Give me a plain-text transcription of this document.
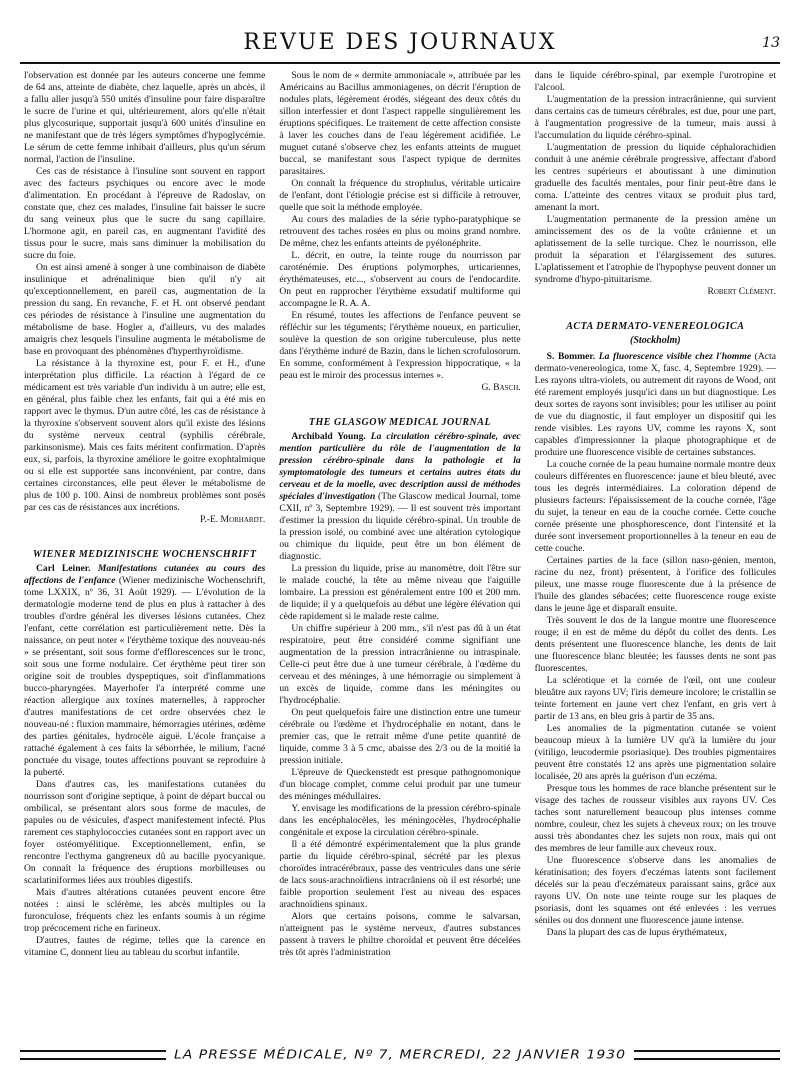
REVUE DES JOURNAUX	13

l'observation est donnée par les auteurs concerne une femme de 64 ans, atteinte de diabète, chez laquelle, après un abcès, il a fallu aller jusqu'à 550 unités d'insuline pour faire disparaître le sucre de l'urine et qui, ultérieurement, alors qu'elle n'était plus glycosurique, supportait jusqu'à 600 unités d'insuline en ne manifestant que de très légers symptômes d'hypoglycémie. Le sérum de cette femme inhibait d'ailleurs, plus qu'un sérum normal, l'action de l'insuline.

Ces cas de résistance à l'insuline sont souvent en rapport avec des facteurs psychiques ou encore avec le mode d'alimentation. En procédant à l'épreuve de Radoslav, on constate que, chez ces malades, l'insuline fait baisser le sucre du sang veineux plus que le sucre du sang capillaire. L'hormone agit, en pareil cas, en augmentant l'avidité des tissus pour le sucre, mais sans diminuer la mobilisation du sucre du foie.

On est ainsi amené à songer à une combinaison de diabète insulinique et adrénalinique bien qu'il n'y ait qu'exceptionnellement, en pareil cas, augmentation de la pression du sang. En revanche, F. et H. ont observé pendant ces périodes de résistance à l'insuline une augmentation du métabolisme de base. Hogler a, d'ailleurs, vu des malades amaigris chez lesquels l'insuline augmenta le métabolisme de base en provoquant des phénomènes d'hyperthyroïdisme.

La résistance à la thyroxine est, pour F. et H., d'une interprétation plus difficile. La réaction à l'égard de ce médicament est très variable d'un individu à un autre; elle est, en général, plus faible chez les enfants, fait qui a été mis en rapport avec le thymus. D'un autre côté, les cas de résistance à la thyroxine s'observent souvent alors qu'il existe des lésions du système nerveux central (syphilis cérébrale, parkinsonisme). Mais ces faits méritent confirmation. D'après eux, si, parfois, la thyroxine améliore le goitre exophtalmique ou si elle est supportée sans inconvénient, par contre, dans certaines circonstances, elle peut élever le métabolisme de plus de 100 p. 100. Ainsi de nombreux problèmes sont posés par ces cas de résistances aux incrétions.

P.-E. Morhardt.

WIENER MEDIZINISCHE WOCHENSCHRIFT

Carl Leiner. Manifestations cutanées au cours des affections de l'enfance (Wiener medizinische Wochenschrift, tome LXXIX, nº 36, 31 Août 1929). — L'évolution de la dermatologie moderne tend de plus en plus à rattacher à des troubles d'ordre général les diverses lésions cutanées. Chez l'enfant, cette corrélation est particulièrement nette. Dès la naissance, on peut noter « l'érythème toxique des nouveau-nés » se présentant, soit sous forme d'efflorescences sur le tronc, soit sous une forme nodulaire. Cet érythème peut tirer son origine soit de troubles dyspeptiques, soit d'inflammations bucco-pharyngées. Mayerhofer l'a interprété comme une réaction allergique aux toxines maternelles, à rapprocher d'autres manifestations de cet ordre observées chez le nouveau-né : fluxion mammaire, hémorragies utérines, œdème des parties génitales, hydrocèle aiguë. L'école française a rattaché également à ces faits la séborrhée, le milium, l'acné ponctuée du visage, toutes affections pouvant se reproduire à la puberté.

Dans d'autres cas, les manifestations cutanées du nourrisson sont d'origine septique, à point de départ buccal ou ombilical, se présentant alors sous forme de macules, de papules ou de vésicules, d'aspect manifestement infecté. Plus rarement ces staphylococcies cutanées sont en rapport avec un foyer ostéomyélitique. Exceptionnellement, enfin, se rencontre l'ecthyma gangreneux dû au bacille pyocyanique. On connaît la fréquence des éruptions morbilleuses ou scarlatiniformes liées aux troubles digestifs.

Mais d'autres altérations cutanées peuvent encore être notées : ainsi le sclérème, les abcès multiples ou la furonculose, fréquents chez les enfants soumis à un régime trop précocement riche en farineux.

D'autres, fautes de régime, telles que la carence en vitamine C, donnent lieu au tableau du scorbut infantile.

Sous le nom de « dermite ammoniacale », attribuée par les Américains au Bacillus ammoniagenes, on décrit l'éruption de nodules plats, légèrement érodés, siégeant des deux côtés du sillon interfessier et dont l'aspect rappelle singulièrement les éruptions spécifiques. Le traitement de cette affection consiste à laver les couches dans de l'eau légèrement acidifiée. Le muguet cutané s'observe chez les enfants atteints de muguet buccal, se manifestant sous l'aspect typique de dermites parasitaires.

On connaît la fréquence du strophulus, véritable urticaire de l'enfant, dont l'étiologie précise est si difficile à retrouver, quelle que soit la méthode employée.

Au cours des maladies de la série typho-paratyphique se retrouvent des taches rosées en plus ou moins grand nombre. De même, chez les enfants atteints de pyélonéphrite.

L. décrit, en outre, la teinte rouge du nourrisson par caroténémie. Des éruptions polymorphes, urticariennes, érythémateuses, etc..., s'observent au cours de l'endocardite. On peut en rapprocher l'érythème exsudatif multiforme qui accompagne le R. A. A.

En résumé, toutes les affections de l'enfance peuvent se réfléchir sur les téguments; l'érythème noueux, en particulier, soulève la question de son origine tuberculeuse, plus nette dans l'érythème induré de Bazin, dans le lichen scrofulosorum. En somme, conformément à l'expression hippocratique, « la peau est le miroir des processus internes ».

G. Basch.

THE GLASGOW MEDICAL JOURNAL

Archibald Young. La circulation cérébro-spinale, avec mention particulière du rôle de l'augmentation de la pression cérébro-spinale dans la pathologie et la symptomatologie des tumeurs et certains autres états du cerveau et de la moelle, avec description aussi de méthodes spéciales d'investigation (The Glascow medical Journal, tome CXII, nº 3, Septembre 1929). — Il est souvent très important d'estimer la pression du liquide cérébro-spinal. Un trouble de la pression isolé, ou combiné avec une altération cytologique ou chimique du liquide, peut être un bon élément de diagnostic.

La pression du liquide, prise au manomètre, doit l'être sur le malade couché, la tête au même niveau que l'aiguille lombaire. La pression est généralement entre 100 et 200 mm. de liquide; il y a quelquefois au début une légère élévation qui cède rapidement si le malade reste calme.

Un chiffre supérieur à 200 mm., s'il n'est pas dû à un état respiratoire, peut être considéré comme signifiant une augmentation de la pression intracrânienne ou intraspinale. Celle-ci peut être due à une tumeur cérébrale, à l'œdème du cerveau et des méninges, à une hémorragie ou simplement à un excès de liquide, comme dans les méningites ou l'hydrocéphalie.

On peut quelquefois faire une distinction entre une tumeur cérébrale ou l'œdème et l'hydrocéphalie en notant, dans le premier cas, que le retrait même d'une petite quantité de liquide, comme 3 à 5 cmc, abaisse des 2/3 ou de la moitié la pression initiale.

L'épreuve de Queckenstedt est presque pathognomonique d'un blocage complet, comme celui produit par une tumeur des méninges médullaires.

Y. envisage les modifications de la pression cérébro-spinale dans les encéphalocèles, les méningocèles, l'hydrocéphalie congénitale et expose la circulation cérébro-spinale.

Il a été démontré expérimentalement que la plus grande partie du liquide cérébro-spinal, sécrété par les plexus choroïdes intracérébraux, passe des ventricules dans une série de lacs sous-arachnoïdiens intracrâniens où il est résorbé; une faible proportion seulement l'est au niveau des espaces arachnoïdiens spinaux.

Alors que certains poisons, comme le salvarsan, n'atteignent pas le système nerveux, d'autres substances passent à travers le philtre choroïdal et peuvent être décelées très tôt après l'administration

dans le liquide cérébro-spinal, par exemple l'urotropine et l'alcool.

L'augmentation de la pression intracrânienne, qui survient dans certains cas de tumeurs cérébrales, est due, pour une part, à l'augmentation progressive de la tumeur, mais aussi à l'accumulation du liquide cérébro-spinal.

L'augmentation de pression du liquide céphalorachidien conduit à une anémie cérébrale progressive, affectant d'abord les centres supérieurs et aboutissant à une diminution graduelle des facultés mentales, pour finir peut-être dans le coma. L'atteinte des centres vitaux se produit plus tard, amenant la mort.

L'augmentation permanente de la pression amène un amincissement des os de la voûte crânienne et un aplatissement de la selle turcique. Chez le nourrisson, elle produit la séparation et l'élargissement des sutures. L'aplatissement et l'atrophie de l'hypophyse peuvent donner un syndrome d'hypo-pituitarisme.

Robert Clément.

ACTA DERMATO-VENEREOLOGICA
(Stockholm)

S. Bommer. La fluorescence visible chez l'homme (Acta dermato-venereologica, tome X, fasc. 4, Septembre 1929). — Les rayons ultra-violets, ou autrement dit rayons de Wood, ont été rarement employés jusqu'ici dans un but diagnostique. Les deux sortes de rayons sont invisibles; pour les utiliser au point de vue du diagnostic, il faut employer un dispositif qui les rende visibles. Les rayons UV, comme les rayons X, sont capables d'impressionner la plaque photographique et de produire une fluorescence visible de certaines substances.

La couche cornée de la peau humaine normale montre deux couleurs différentes en fluorescence: jaune et bleu bleuté, avec tous les degrés intermédiaires. La coloration dépend de plusieurs facteurs: l'épaississement de la couche cornée, l'âge du sujet, la teneur en eau de la couche cornée. Cette couche cornée présente une phosphorescence, dont l'intensité et la durée sont inversement proportionnelles à la teneur en eau de cette couche.

Certaines parties de la face (sillon naso-génien, menton, racine du nez, front) présentent, à l'orifice des follicules pileux, une masse rouge fluorescente due à la présence de l'huile des glandes sébacées; cette fluorescence rouge existe dans le jeune âge et disparaît ensuite.

Très souvent le dos de la langue montre une fluorescence rouge; il en est de même du dépôt du collet des dents. Les dents présentent une fluorescence blanche, les dents de lait une fluorescence blanc bleutée; les fausses dents ne sont pas fluorescentes.

La sclérotique et la cornée de l'œil, ont une couleur bleuâtre aux rayons UV; l'iris demeure incolore; le cristallin se teinte fortement en jaune vert chez l'enfant, en gris vert à partir de 13 ans, en bleu gris à partir de 35 ans.

Les anomalies de la pigmentation cutanée se voient beaucoup mieux à la lumière UV qu'à la lumière du jour (vitiligo, leucodermie psoriasique). Des troubles pigmentaires peuvent être constatés 12 ans après une pigmentation solaire localisée, 20 ans après la guérison d'un eczéma.

Presque tous les hommes de race blanche présentent sur le visage des taches de rousseur visibles aux rayons UV. Ces taches sont naturellement beaucoup plus intenses comme nombre, couleur, chez les sujets à cheveux roux; on les trouve aussi très abondantes chez les sujets non roux, mais qui ont des membres de leur famille aux cheveux roux.

Une fluorescence s'observe dans les anomalies de kératinisation; des foyers d'eczémas latents sont facilement décelés sur la peau d'eczémateux paraissant sains, grâce aux rayons UV. On note une teinte rouge sur les plaques de psoriasis, dont les squames ont été enlevées : les verrues séniles ou dos donnent une fluorescence jaune intense.

Dans la plupart des cas de lupus érythémateux,

LA PRESSE MÉDICALE, Nº 7, MERCREDI, 22 JANVIER 1930
